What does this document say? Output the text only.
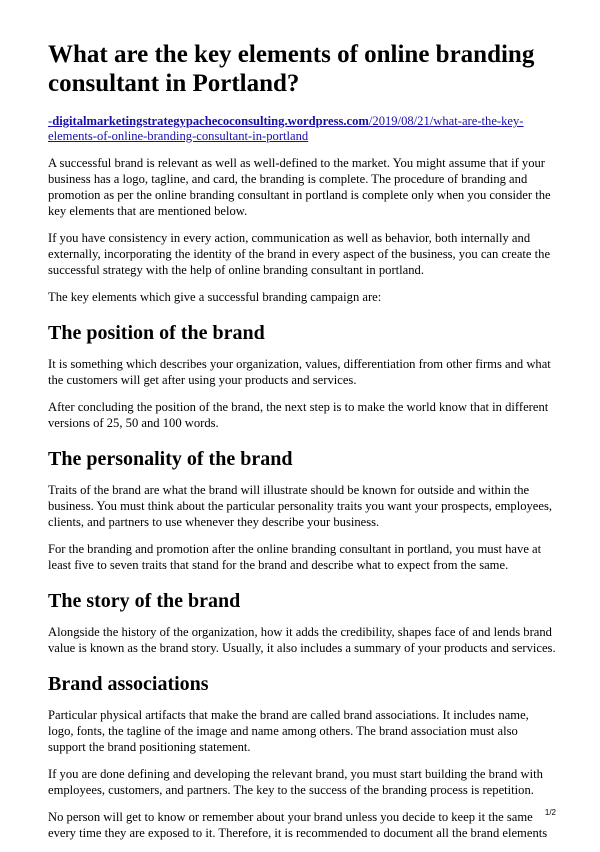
What are the key elements of online branding consultant in Portland?
-digitalmarketingstrategypachecoconsulting.wordpress.com/2019/08/21/what-are-the-key-elements-of-online-branding-consultant-in-portland

A successful brand is relevant as well as well-defined to the market. You might assume that if your business has a logo, tagline, and card, the branding is complete. The procedure of branding and promotion as per the online branding consultant in portland is complete only when you consider the key elements that are mentioned below.

If you have consistency in every action, communication as well as behavior, both internally and externally, incorporating the identity of the brand in every aspect of the business, you can create the successful strategy with the help of online branding consultant in portland.

The key elements which give a successful branding campaign are:

The position of the brand

It is something which describes your organization, values, differentiation from other firms and what the customers will get after using your products and services.

After concluding the position of the brand, the next step is to make the world know that in different versions of 25, 50 and 100 words.

The personality of the brand

Traits of the brand are what the brand will illustrate should be known for outside and within the business. You must think about the particular personality traits you want your prospects, employees, clients, and partners to use whenever they describe your business.

For the branding and promotion after the online branding consultant in portland, you must have at least five to seven traits that stand for the brand and describe what to expect from the same.

The story of the brand

Alongside the history of the organization, how it adds the credibility, shapes face of and lends brand value is known as the brand story. Usually, it also includes a summary of your products and services.

Brand associations

Particular physical artifacts that make the brand are called brand associations. It includes name, logo, fonts, the tagline of the image and name among others. The brand association must also support the brand positioning statement.

If you are done defining and developing the relevant brand, you must start building the brand with employees, customers, and partners. The key to the success of the branding process is repetition.

No person will get to know or remember about your brand unless you decide to keep it the same every time they are exposed to it. Therefore, it is recommended to document all the brand elements

1/2
